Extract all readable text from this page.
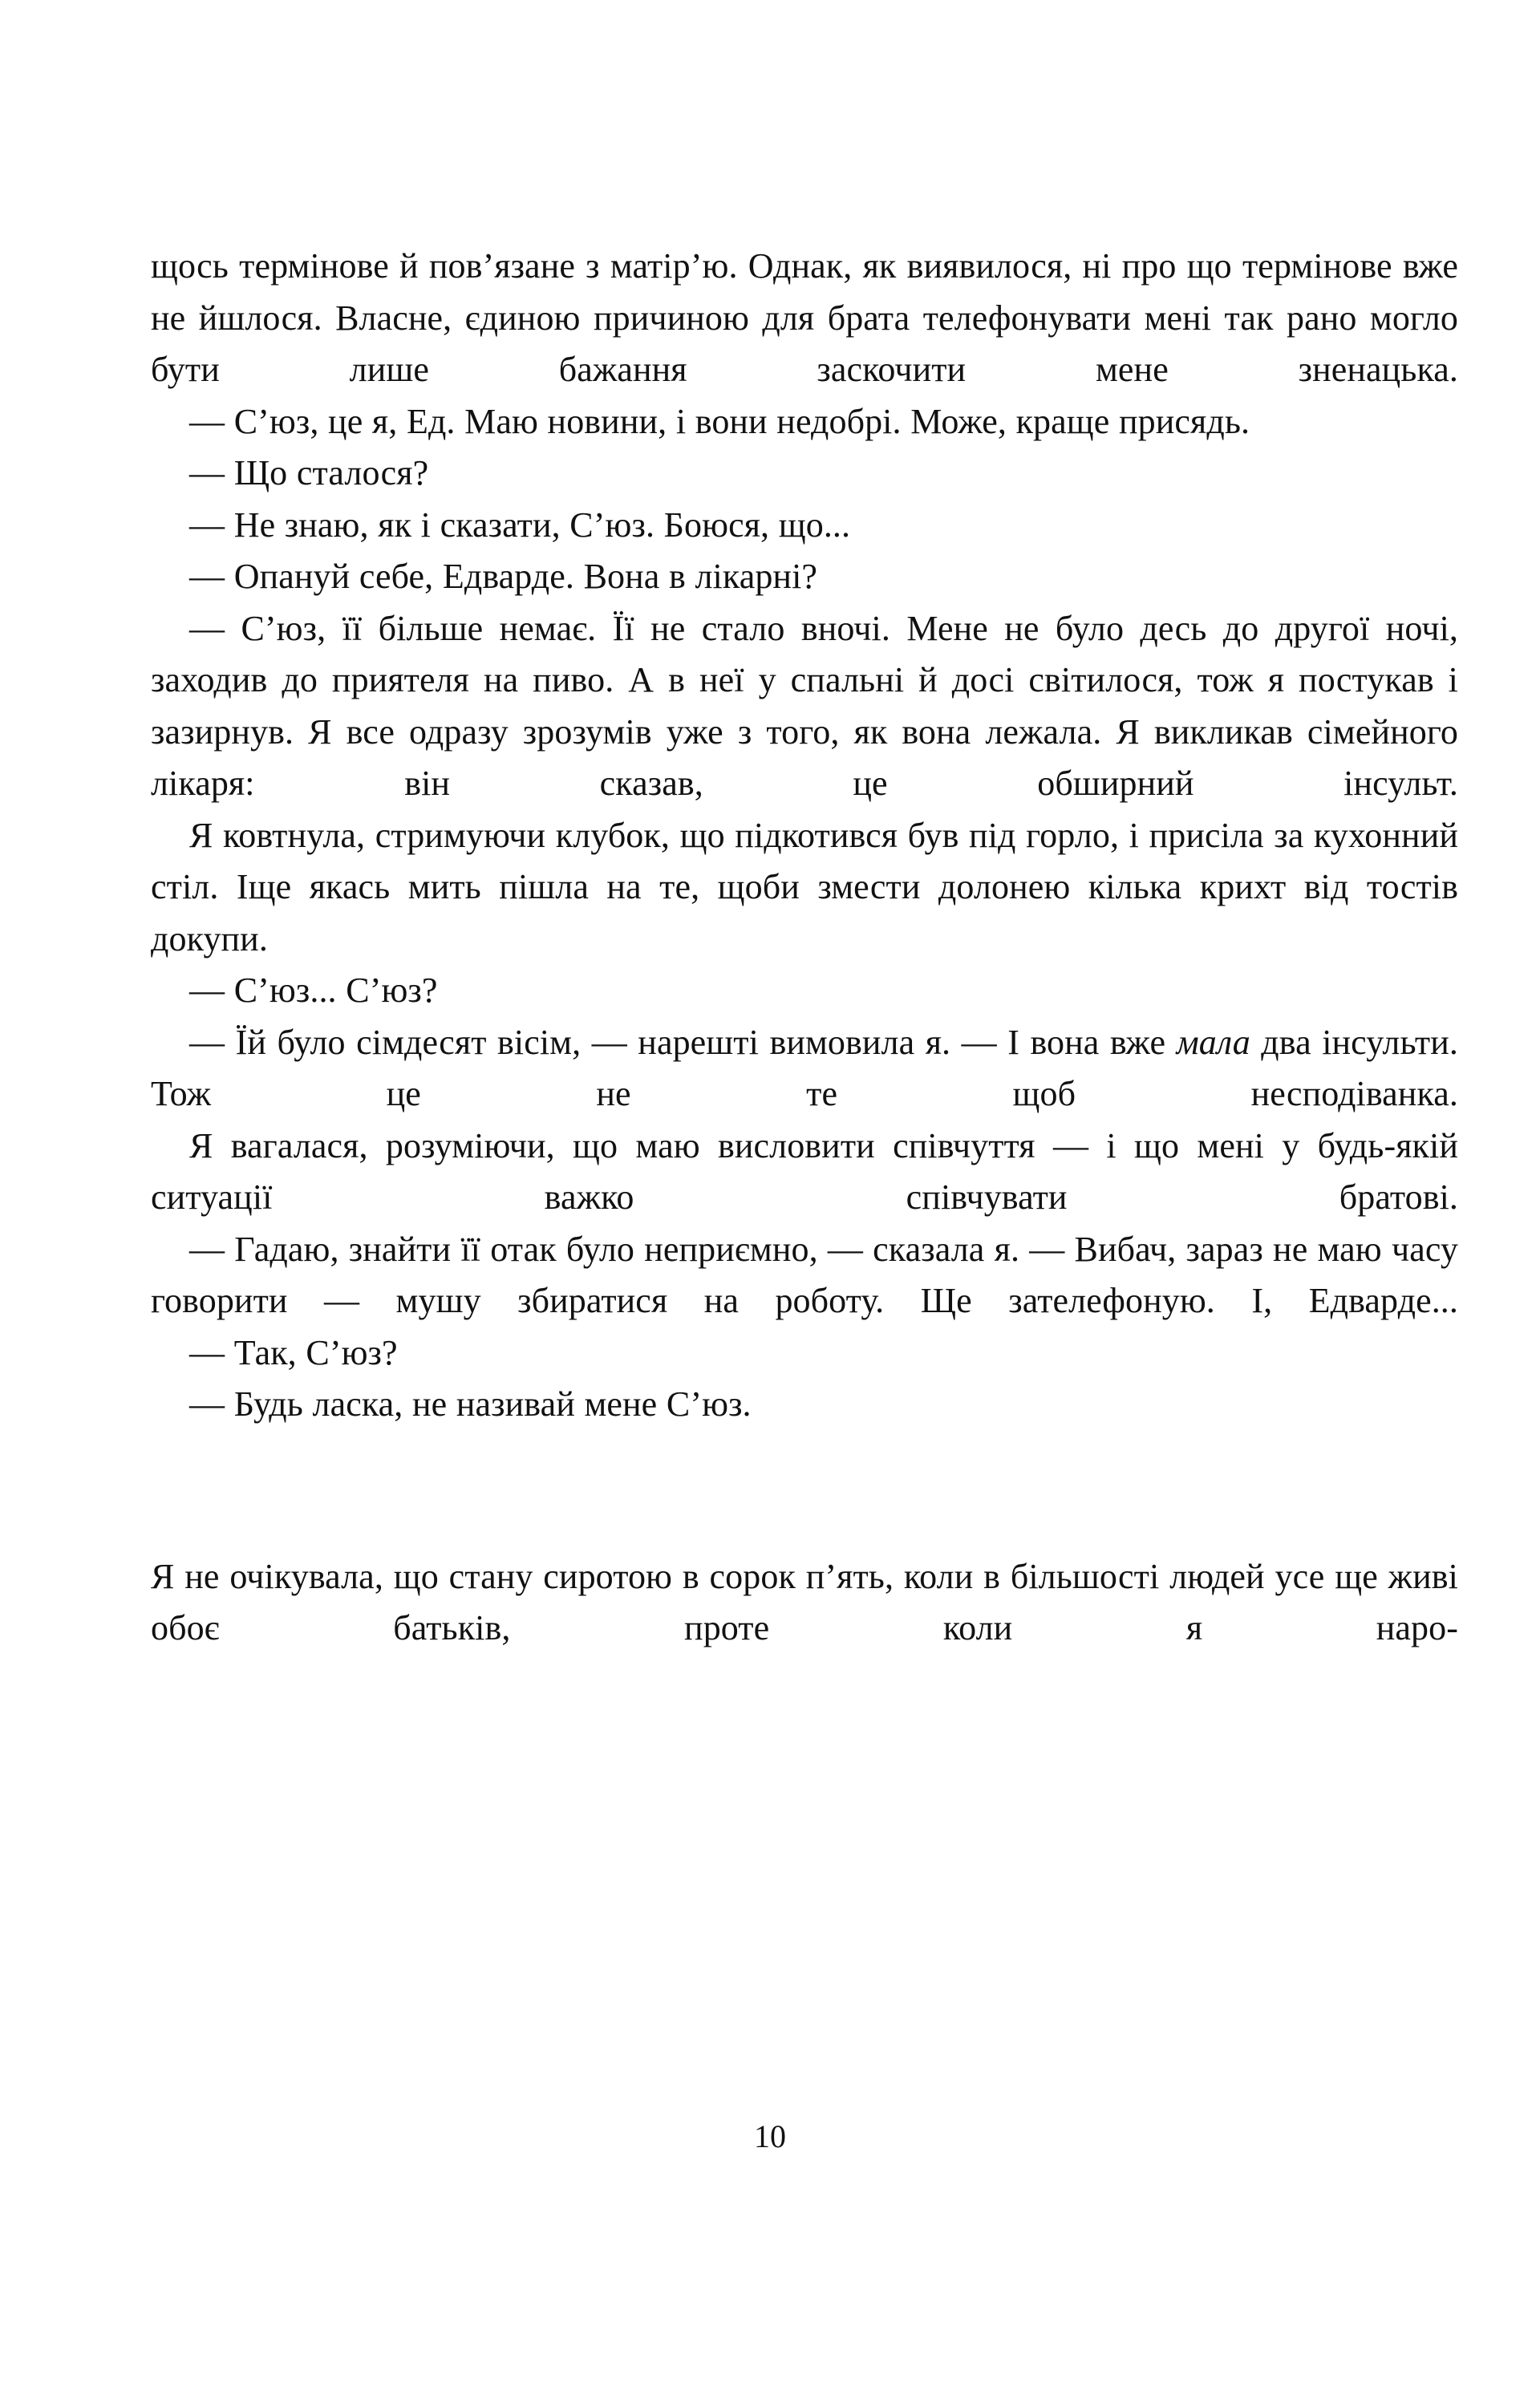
щось термінове й пов’язане з матір’ю. Однак, як виявилося, ні про що термінове вже не йшлося. Власне, єдиною причиною для брата телефонувати мені так рано могло бути лише бажання заскочити мене зненацька.

— С’юз, це я, Ед. Маю новини, і вони недобрі. Може, краще присядь.

— Що сталося?

— Не знаю, як і сказати, С’юз. Боюся, що...

— Опануй себе, Едварде. Вона в лікарні?

— С’юз, її більше немає. Її не стало вночі. Мене не було десь до другої ночі, заходив до приятеля на пиво. А в неї у спальні й досі світилося, тож я постукав і зазирнув. Я все одразу зрозумів уже з того, як вона лежала. Я викликав сімейного лікаря: він сказав, це обширний інсульт.

Я ковтнула, стримуючи клубок, що підкотився був під горло, і присіла за кухонний стіл. Іще якась мить пішла на те, щоби змести долонею кілька крихт від тостів докупи.

— С’юз... С’юз?

— Їй було сімдесят вісім, — нарешті вимовила я. — І вона вже мала два інсульти. Тож це не те щоб несподіванка.

Я вагалася, розуміючи, що маю висловити співчуття — і що мені у будь-якій ситуації важко співчувати братові.

— Гадаю, знайти її отак було неприємно, — сказала я. — Вибач, зараз не маю часу говорити — мушу збиратися на роботу. Ще зателефоную. І, Едварде...

— Так, С’юз?

— Будь ласка, не називай мене С’юз.

Я не очікувала, що стану сиротою в сорок п’ять, коли в більшості людей усе ще живі обоє батьків, проте коли я наро-

10
